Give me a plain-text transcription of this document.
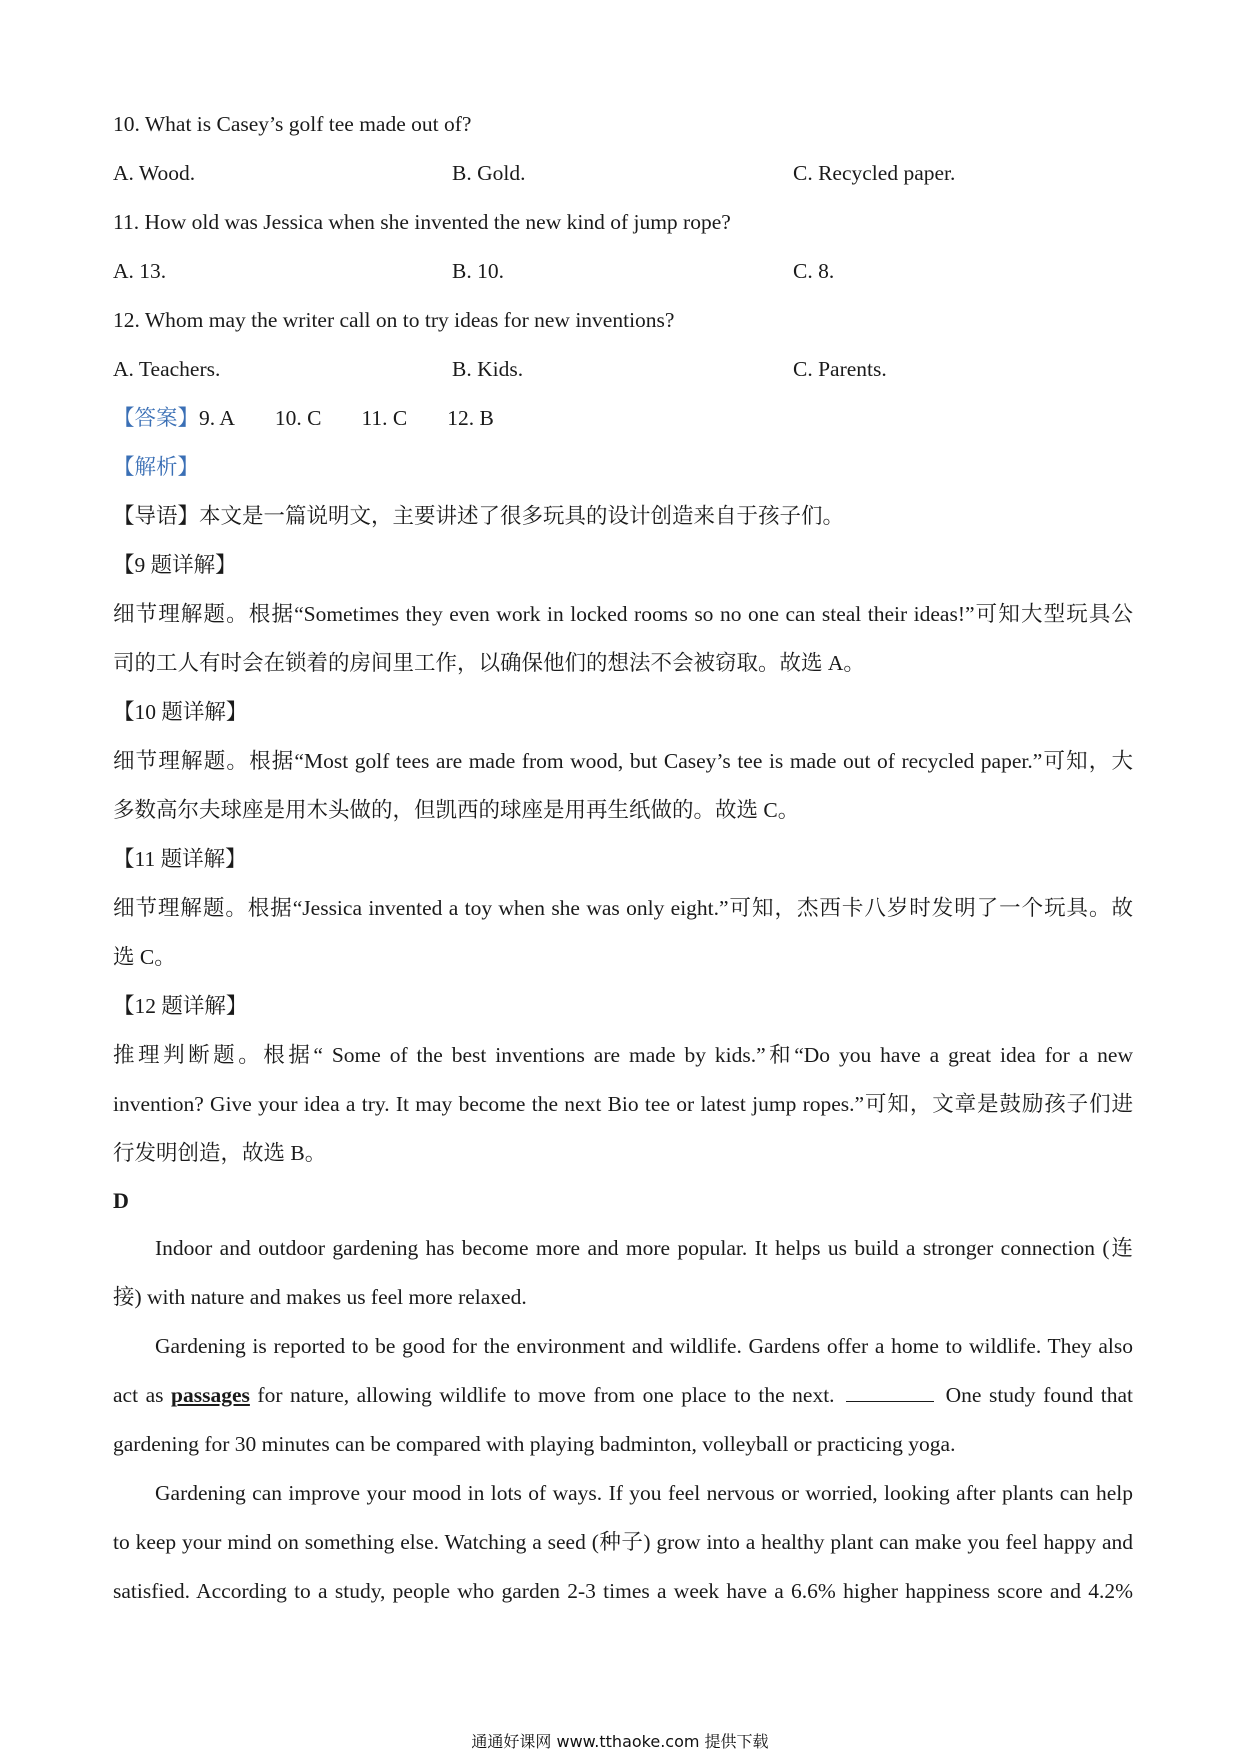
10. What is Casey’s golf tee made out of?
A. Wood.	B. Gold.	C. Recycled paper.
11. How old was Jessica when she invented the new kind of jump rope?
A. 13.	B. 10.	C. 8.
12. Whom may the writer call on to try ideas for new inventions?
A. Teachers.	B. Kids.	C. Parents.
【答案】9. A 10. C 11. C 12. B
【解析】
【导语】本文是一篇说明文，主要讲述了很多玩具的设计创造来自于孩子们。
【9 题详解】
细节理解题。根据“Sometimes they even work in locked rooms so no one can steal their ideas!”可知大型玩具公
司的工人有时会在锁着的房间里工作，以确保他们的想法不会被窃取。故选 A。
【10 题详解】
细节理解题。根据“Most golf tees are made from wood, but Casey’s tee is made out of recycled paper.”可知，大
多数高尔夫球座是用木头做的，但凯西的球座是用再生纸做的。故选 C。
【11 题详解】
细节理解题。根据“Jessica invented a toy when she was only eight.”可知，杰西卡八岁时发明了一个玩具。故
选 C。
【12 题详解】
推理判断题。根据“ Some of the best inventions are made by kids.”和“Do you have a great idea for a new
invention? Give your idea a try. It may become the next Bio tee or latest jump ropes.”可知，文章是鼓励孩子们进
行发明创造，故选 B。
D
Indoor and outdoor gardening has become more and more popular. It helps us build a stronger connection (连
接) with nature and makes us feel more relaxed.
Gardening is reported to be good for the environment and wildlife. Gardens offer a home to wildlife. They also
act as passages for nature, allowing wildlife to move from one place to the next.	One study found that
gardening for 30 minutes can be compared with playing badminton, volleyball or practicing yoga.
Gardening can improve your mood in lots of ways. If you feel nervous or worried, looking after plants can help
to keep your mind on something else. Watching a seed (种子) grow into a healthy plant can make you feel happy and
satisfied. According to a study, people who garden 2-3 times a week have a 6.6% higher happiness score and 4.2%
通通好课网 www.tthaoke.com 提供下载
